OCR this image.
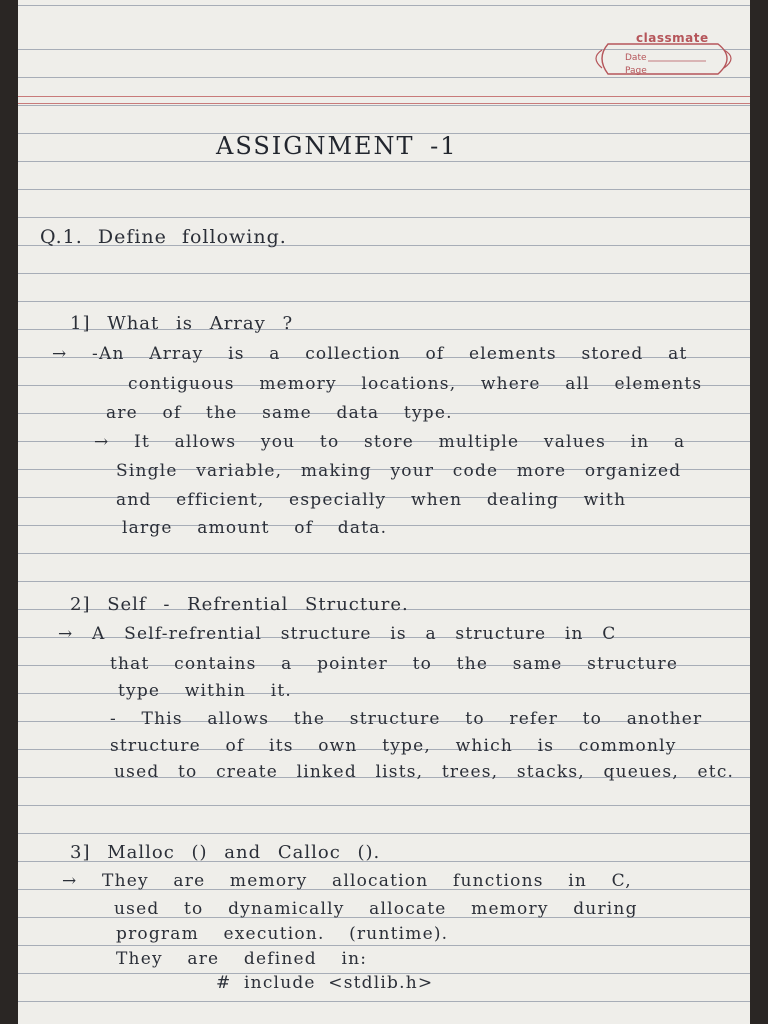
classmate
Date
Page
ASSIGNMENT -1
Q.1. Define following.
1] What is Array ?
→ -An Array is a collection of elements stored at
contiguous memory locations, where all elements
are of the same data type.
→ It allows you to store multiple values in a
Single variable, making your code more organized
and efficient, especially when dealing with
large amount of data.
2] Self - Refrential Structure.
→ A Self-refrential structure is a structure in C
that contains a pointer to the same structure
type within it.
- This allows the structure to refer to another
structure of its own type, which is commonly
used to create linked lists, trees, stacks, queues, etc.
3] Malloc () and Calloc ().
→ They are memory allocation functions in C,
used to dynamically allocate memory during
program execution. (runtime).
They are defined in:
# include <stdlib.h>
